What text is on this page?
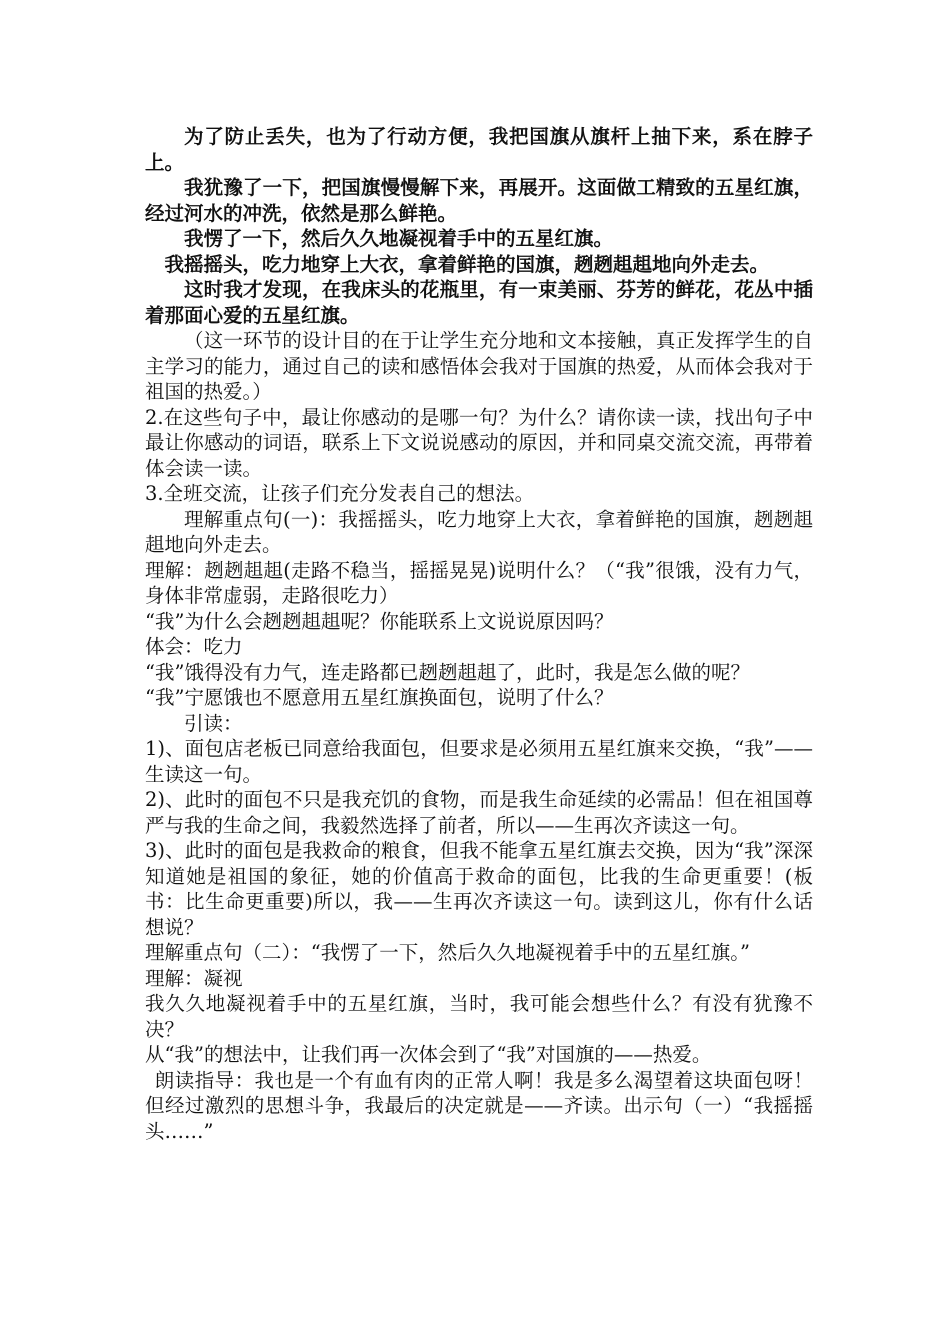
为了防止丢失，也为了行动方便，我把国旗从旗杆上抽下来，系在脖子上。

我犹豫了一下，把国旗慢慢解下来，再展开。这面做工精致的五星红旗，经过河水的冲洗，依然是那么鲜艳。

我愣了一下，然后久久地凝视着手中的五星红旗。

我摇摇头，吃力地穿上大衣，拿着鲜艳的国旗，趔趔趄趄地向外走去。

这时我才发现，在我床头的花瓶里，有一束美丽、芬芳的鲜花，花丛中插着那面心爱的五星红旗。

（这一环节的设计目的在于让学生充分地和文本接触，真正发挥学生的自主学习的能力，通过自己的读和感悟体会我对于国旗的热爱，从而体会我对于祖国的热爱。）

2.在这些句子中，最让你感动的是哪一句？为什么？请你读一读，找出句子中最让你感动的词语，联系上下文说说感动的原因，并和同桌交流交流，再带着体会读一读。

3.全班交流，让孩子们充分发表自己的想法。

理解重点句(一)：我摇摇头，吃力地穿上大衣，拿着鲜艳的国旗，趔趔趄趄地向外走去。

理解：趔趔趄趄(走路不稳当，摇摇晃晃)说明什么？（“我”很饿，没有力气，身体非常虚弱，走路很吃力）

“我”为什么会趔趔趄趄呢？你能联系上文说说原因吗？

体会：吃力

“我”饿得没有力气，连走路都已趔趔趄趄了，此时，我是怎么做的呢？

“我”宁愿饿也不愿意用五星红旗换面包，说明了什么？

引读：

1)、面包店老板已同意给我面包，但要求是必须用五星红旗来交换，“我”——生读这一句。

2)、此时的面包不只是我充饥的食物，而是我生命延续的必需品！但在祖国尊严与我的生命之间，我毅然选择了前者，所以——生再次齐读这一句。

3)、此时的面包是我救命的粮食，但我不能拿五星红旗去交换，因为“我”深深知道她是祖国的象征，她的价值高于救命的面包，比我的生命更重要！(板书：比生命更重要)所以，我——生再次齐读这一句。读到这儿，你有什么话想说？

理解重点句（二）：“我愣了一下，然后久久地凝视着手中的五星红旗。”

理解：凝视

我久久地凝视着手中的五星红旗，当时，我可能会想些什么？有没有犹豫不决？

从“我”的想法中，让我们再一次体会到了“我”对国旗的——热爱。

朗读指导：我也是一个有血有肉的正常人啊！我是多么渴望着这块面包呀！但经过激烈的思想斗争，我最后的决定就是——齐读。出示句（一）“我摇摇头……”
